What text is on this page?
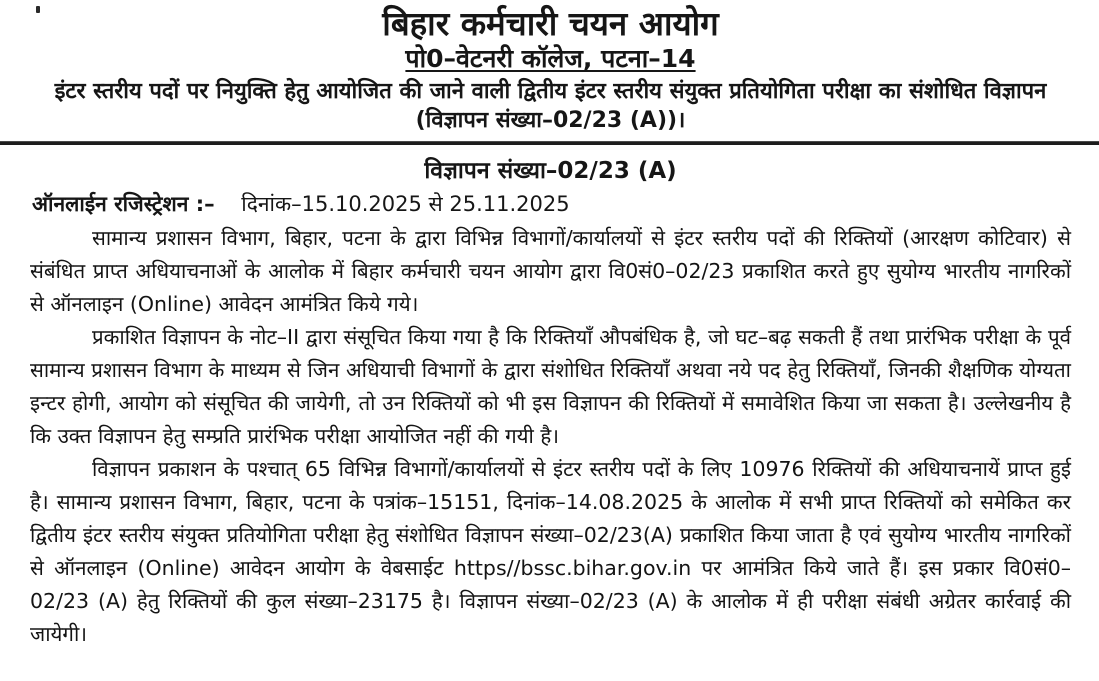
बिहार कर्मचारी चयन आयोग
पो0–वेटनरी कॉलेज, पटना–14
इंटर स्तरीय पदों पर नियुक्ति हेतु आयोजित की जाने वाली द्वितीय इंटर स्तरीय संयुक्त प्रतियोगिता परीक्षा का संशोधित विज्ञापन (विज्ञापन संख्या–02/23 (A))।
विज्ञापन संख्या–02/23 (A)
ऑनलाईन रजिस्ट्रेशन :– दिनांक–15.10.2025 से 25.11.2025

सामान्य प्रशासन विभाग, बिहार, पटना के द्वारा विभिन्न विभागों/कार्यालयों से इंटर स्तरीय पदों की रिक्तियों (आरक्षण कोटिवार) से संबंधित प्राप्त अधियाचनाओं के आलोक में बिहार कर्मचारी चयन आयोग द्वारा वि0सं0–02/23 प्रकाशित करते हुए सुयोग्य भारतीय नागरिकों से ऑनलाइन (Online) आवेदन आमंत्रित किये गये।

प्रकाशित विज्ञापन के नोट–II द्वारा संसूचित किया गया है कि रिक्तियाँ औपबंधिक है, जो घट–बढ़ सकती हैं तथा प्रारंभिक परीक्षा के पूर्व सामान्य प्रशासन विभाग के माध्यम से जिन अधियाची विभागों के द्वारा संशोधित रिक्तियाँ अथवा नये पद हेतु रिक्तियाँ, जिनकी शैक्षणिक योग्यता इन्टर होगी, आयोग को संसूचित की जायेगी, तो उन रिक्तियों को भी इस विज्ञापन की रिक्तियों में समावेशित किया जा सकता है। उल्लेखनीय है कि उक्त विज्ञापन हेतु सम्प्रति प्रारंभिक परीक्षा आयोजित नहीं की गयी है।

विज्ञापन प्रकाशन के पश्चात् 65 विभिन्न विभागों/कार्यालयों से इंटर स्तरीय पदों के लिए 10976 रिक्तियों की अधियाचनायें प्राप्त हुई है। सामान्य प्रशासन विभाग, बिहार, पटना के पत्रांक–15151, दिनांक–14.08.2025 के आलोक में सभी प्राप्त रिक्तियों को समेकित कर द्वितीय इंटर स्तरीय संयुक्त प्रतियोगिता परीक्षा हेतु संशोधित विज्ञापन संख्या–02/23(A) प्रकाशित किया जाता है एवं सुयोग्य भारतीय नागरिकों से ऑनलाइन (Online) आवेदन आयोग के वेबसाईट https//bssc.bihar.gov.in पर आमंत्रित किये जाते हैं। इस प्रकार वि0सं0–02/23 (A) हेतु रिक्तियों की कुल संख्या–23175 है। विज्ञापन संख्या–02/23 (A) के आलोक में ही परीक्षा संबंधी अग्रेतर कार्रवाई की जायेगी।
